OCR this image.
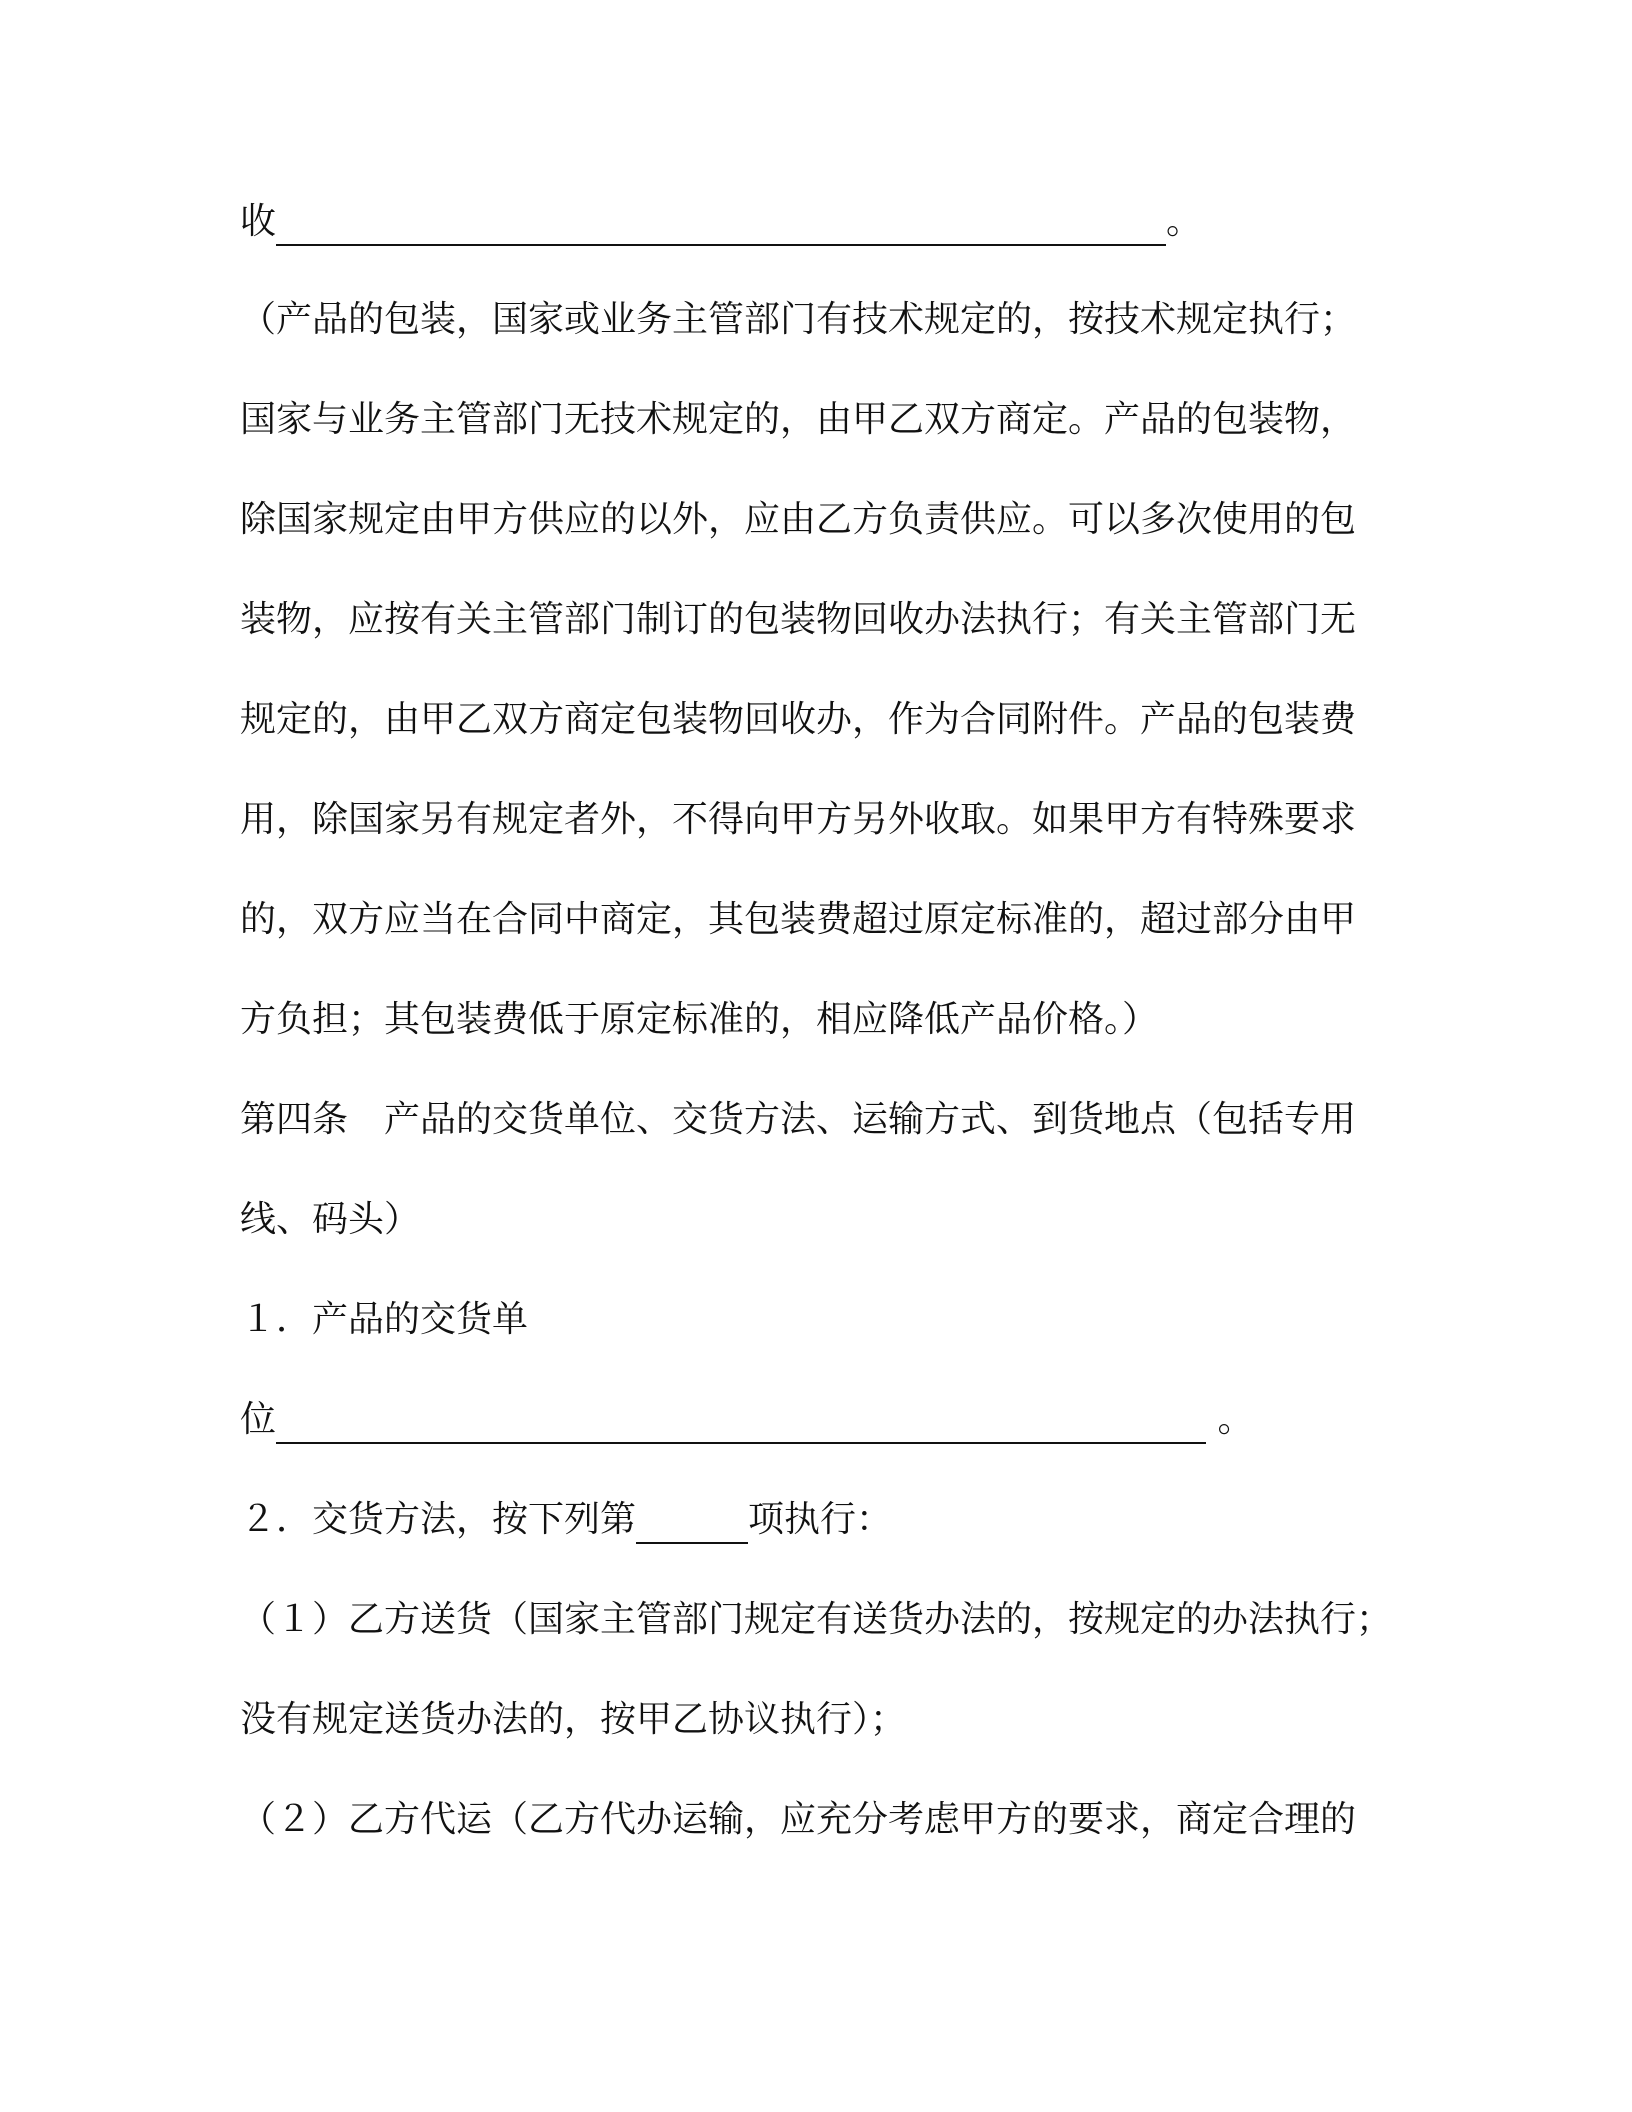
收	。
（产品的包装，国家或业务主管部门有技术规定的，按技术规定执行；
国家与业务主管部门无技术规定的，由甲乙双方商定。产品的包装物，
除国家规定由甲方供应的以外，应由乙方负责供应。可以多次使用的包
装物，应按有关主管部门制订的包装物回收办法执行；有关主管部门无
规定的，由甲乙双方商定包装物回收办，作为合同附件。产品的包装费
用，除国家另有规定者外，不得向甲方另外收取。如果甲方有特殊要求
的，双方应当在合同中商定，其包装费超过原定标准的，超过部分由甲
方负担；其包装费低于原定标准的，相应降低产品价格。）
第四条　产品的交货单位、交货方法、运输方式、到货地点（包括专用
线、码头）
１．产品的交货单
位	。
２．交货方法，按下列第	项执行：
（１）乙方送货（国家主管部门规定有送货办法的，按规定的办法执行；
没有规定送货办法的，按甲乙协议执行）；
（２）乙方代运（乙方代办运输，应充分考虑甲方的要求，商定合理的
